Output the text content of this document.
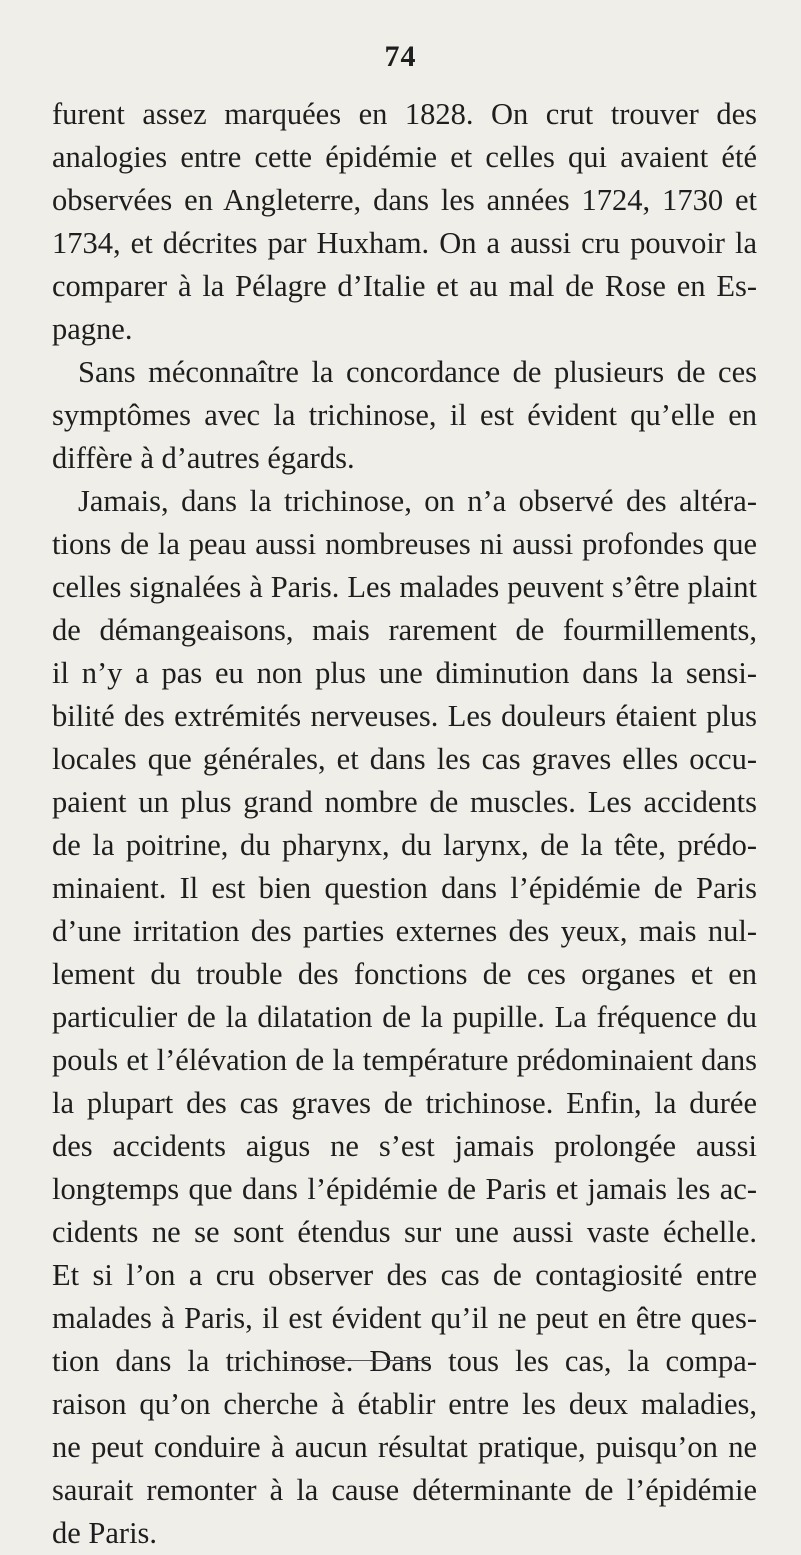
74
furent assez marquées en 1828. On crut trouver des
analogies entre cette épidémie et celles qui avaient été
observées en Angleterre, dans les années 1724, 1730 et
1734, et décrites par Huxham. On a aussi cru pouvoir la
comparer à la Pélagre d’Italie et au mal de Rose en Es-
pagne.
Sans méconnaître la concordance de plusieurs de ces
symptômes avec la trichinose, il est évident qu’elle en
diffère à d’autres égards.
Jamais, dans la trichinose, on n’a observé des altéra-
tions de la peau aussi nombreuses ni aussi profondes que
celles signalées à Paris. Les malades peuvent s’être plaint
de démangeaisons, mais rarement de fourmillements,
il n’y a pas eu non plus une diminution dans la sensi-
bilité des extrémités nerveuses. Les douleurs étaient plus
locales que générales, et dans les cas graves elles occu-
paient un plus grand nombre de muscles. Les accidents
de la poitrine, du pharynx, du larynx, de la tête, prédo-
minaient. Il est bien question dans l’épidémie de Paris
d’une irritation des parties externes des yeux, mais nul-
lement du trouble des fonctions de ces organes et en
particulier de la dilatation de la pupille. La fréquence du
pouls et l’élévation de la température prédominaient dans
la plupart des cas graves de trichinose. Enfin, la durée
des accidents aigus ne s’est jamais prolongée aussi
longtemps que dans l’épidémie de Paris et jamais les ac-
cidents ne se sont étendus sur une aussi vaste échelle.
Et si l’on a cru observer des cas de contagiosité entre
malades à Paris, il est évident qu’il ne peut en être ques-
tion dans la trichinose. Dans tous les cas, la compa-
raison qu’on cherche à établir entre les deux maladies,
ne peut conduire à aucun résultat pratique, puisqu’on ne
saurait remonter à la cause déterminante de l’épidémie
de Paris.
